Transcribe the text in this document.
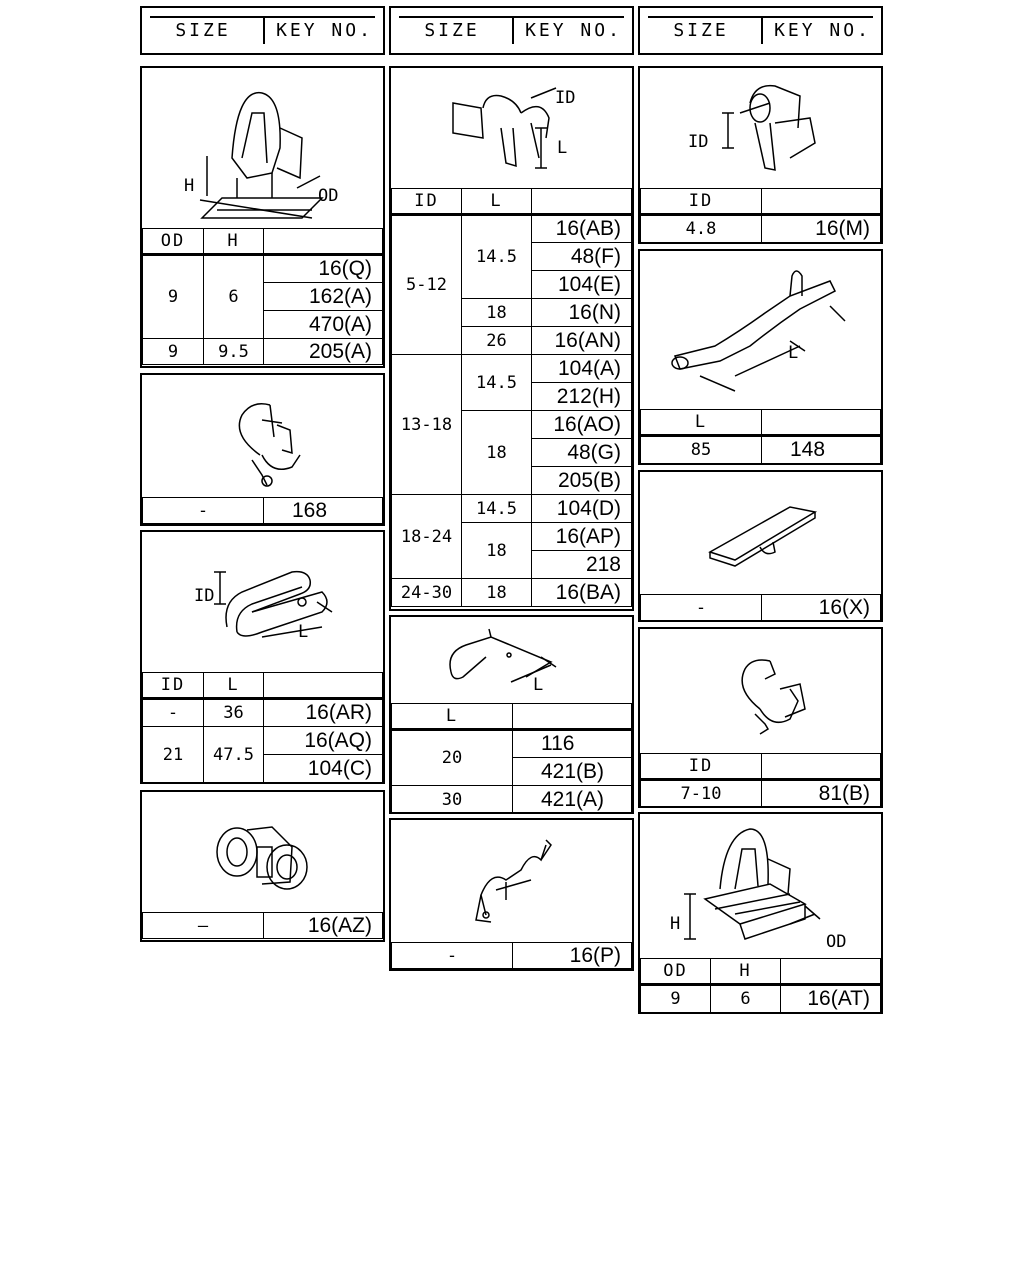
SIZE	KEY NO.	SIZE	KEY NO.	SIZE	KEY NO.
H	OD
OD	H	
9	6	16(Q)
		162(A)
		470(A)
9	9.5	205(A)
-	168
ID
L
ID	L	
-	36	16(AR)
21	47.5	16(AQ)
		104(C)
—	16(AZ)
ID
L
ID	L	
5-12	14.5	16(AB)
		48(F)
		104(E)
	18	16(N)
	26	16(AN)
13-18	14.5	104(A)
		212(H)
	18	16(AO)
		48(G)
		205(B)
18-24	14.5	104(D)
	18	16(AP)
		218
24-30	18	16(BA)
L
L	
20	116
	421(B)
30	421(A)
-	16(P)
ID
ID	
4.8	16(M)
L
L	
85	148
-	16(X)
ID	
7-10	81(B)
H
OD
OD	H	
9	6	16(AT)
